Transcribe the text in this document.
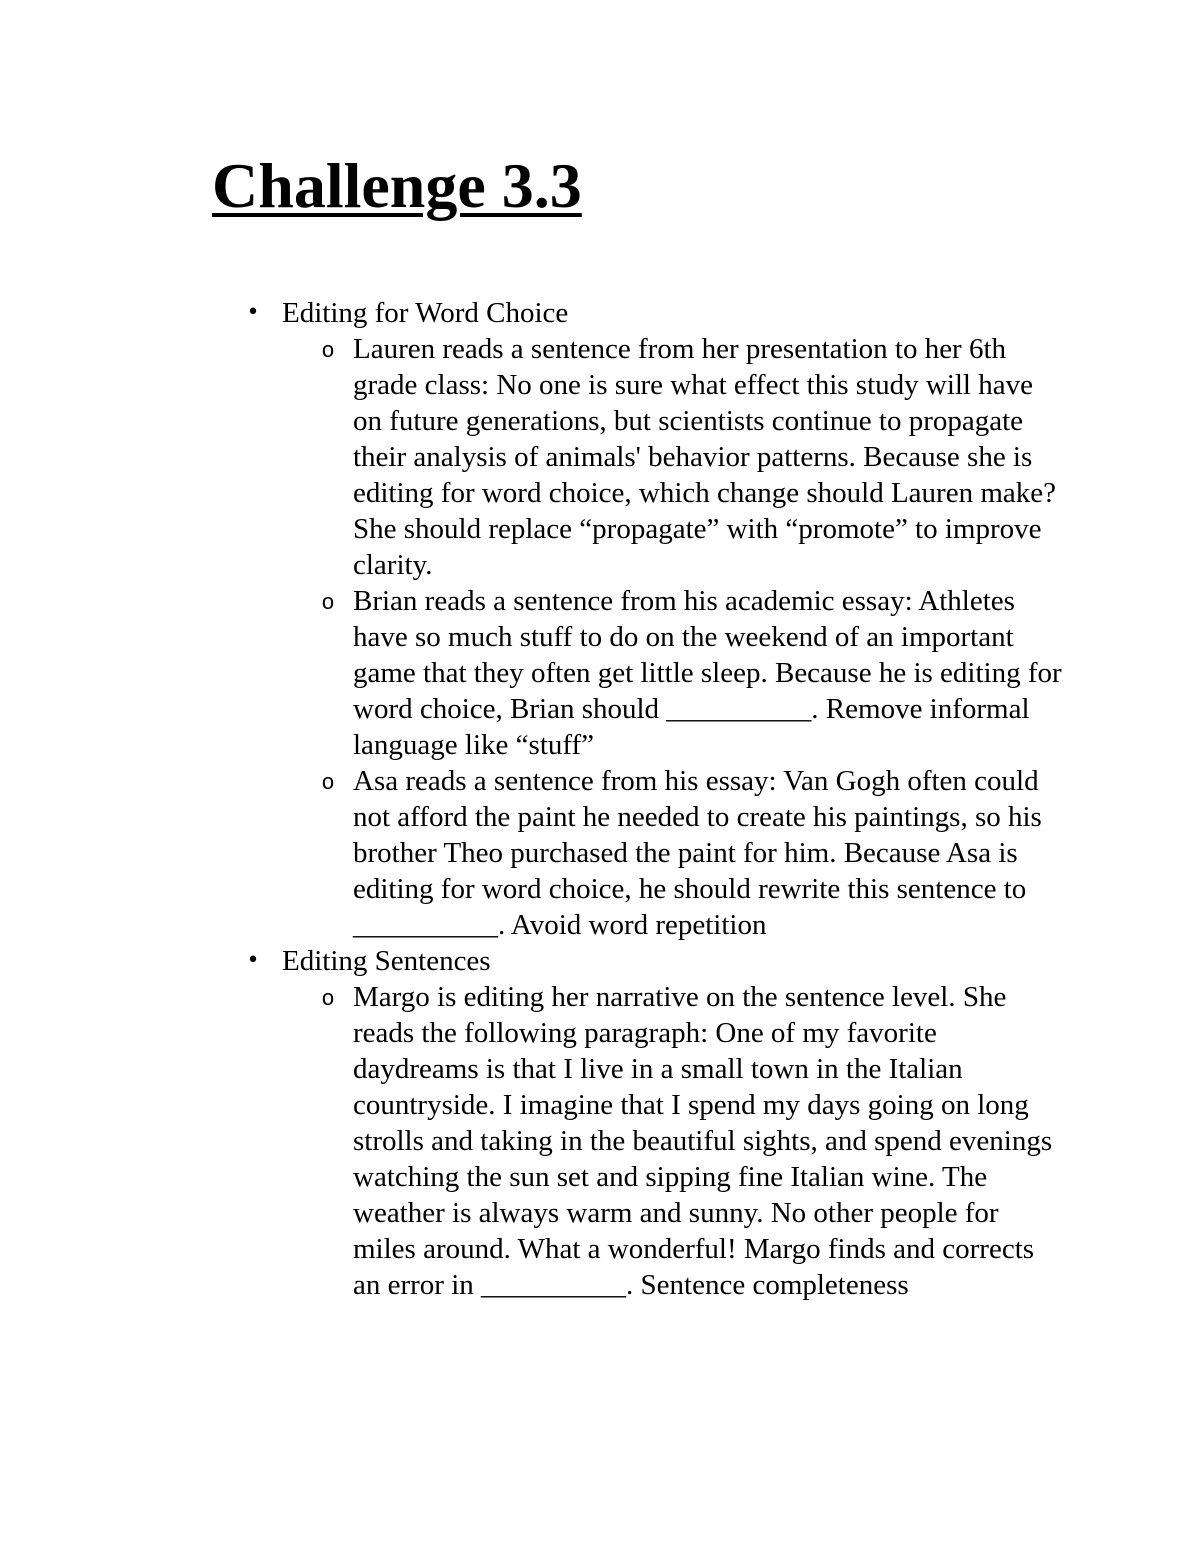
Challenge 3.3
• Editing for Word Choice
o Lauren reads a sentence from her presentation to her 6th grade class: No one is sure what effect this study will have on future generations, but scientists continue to propagate their analysis of animals' behavior patterns. Because she is editing for word choice, which change should Lauren make? She should replace “propagate” with “promote” to improve clarity.
o Brian reads a sentence from his academic essay: Athletes have so much stuff to do on the weekend of an important game that they often get little sleep. Because he is editing for word choice, Brian should __________. Remove informal language like “stuff”
o Asa reads a sentence from his essay: Van Gogh often could not afford the paint he needed to create his paintings, so his brother Theo purchased the paint for him. Because Asa is editing for word choice, he should rewrite this sentence to __________. Avoid word repetition
• Editing Sentences
o Margo is editing her narrative on the sentence level. She reads the following paragraph: One of my favorite daydreams is that I live in a small town in the Italian countryside. I imagine that I spend my days going on long strolls and taking in the beautiful sights, and spend evenings watching the sun set and sipping fine Italian wine. The weather is always warm and sunny. No other people for miles around. What a wonderful! Margo finds and corrects an error in __________. Sentence completeness
